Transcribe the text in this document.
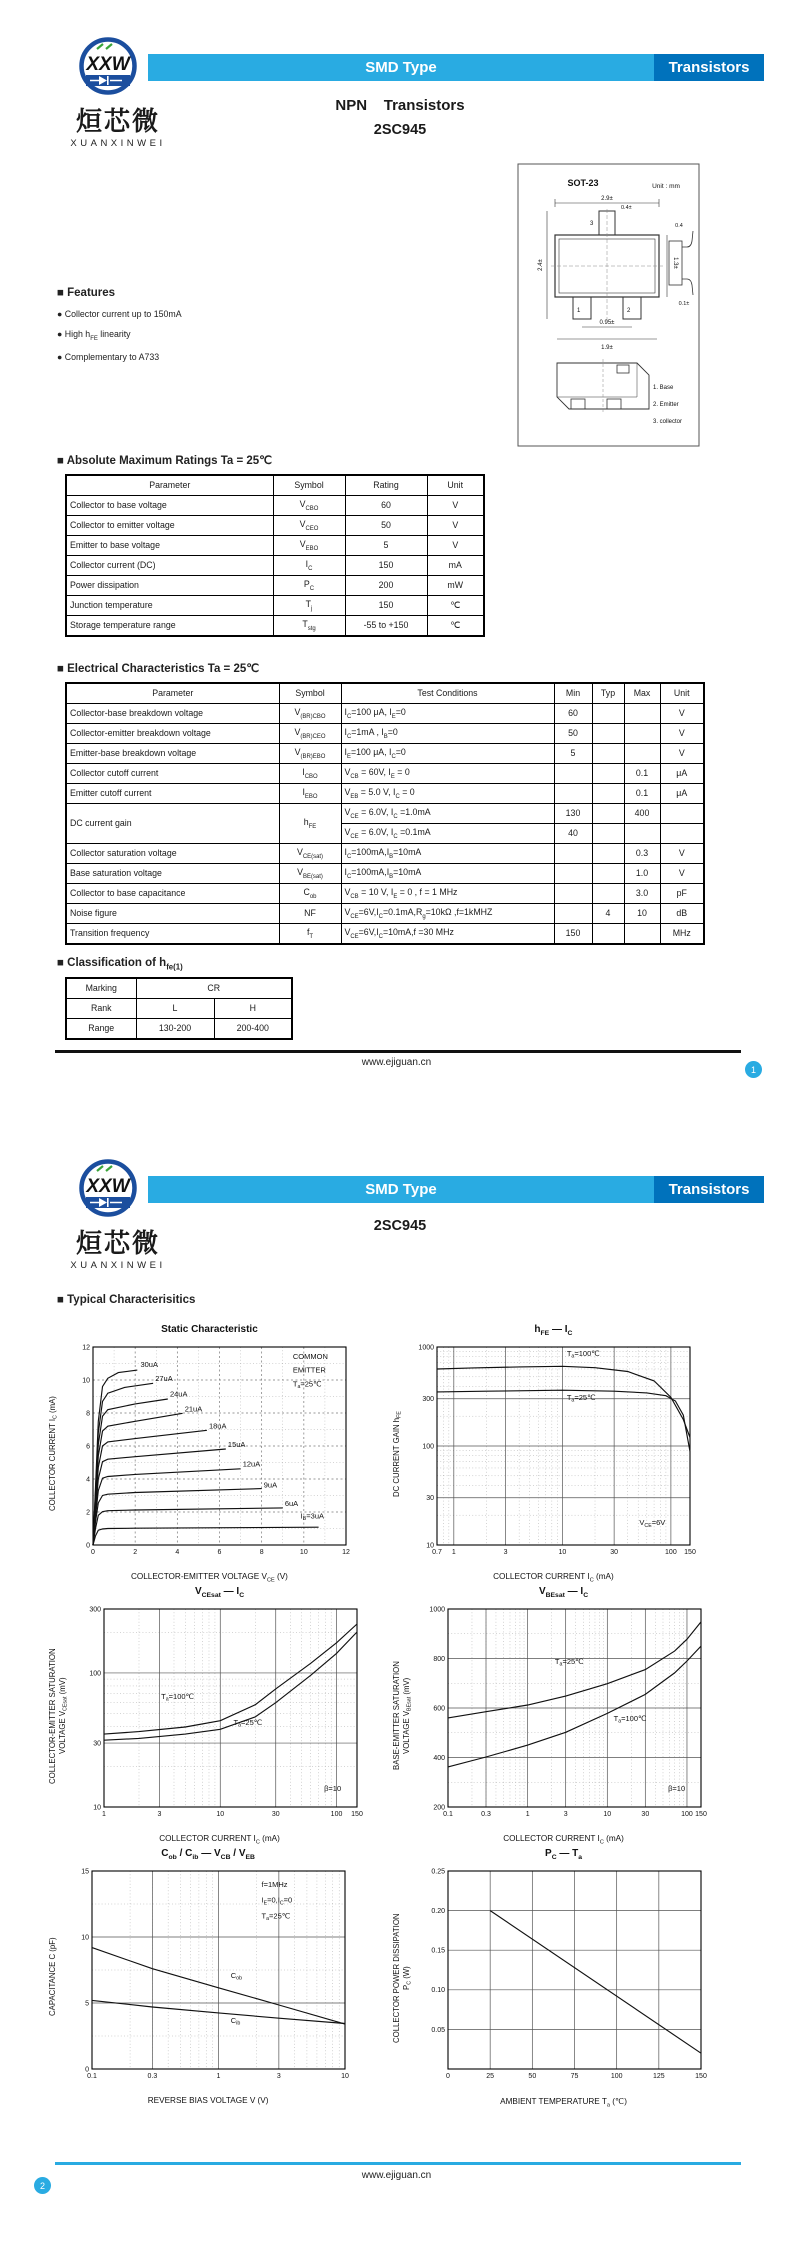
XXW
烜芯微
XUANXINWEI
SMD Type	Transistors
NPN    Transistors
2SC945
SOT-23	Unit : mm
2.9±
0.4±
3
1	2
1.3±
2.4±
0.95±
1.9±
0.4
0.1±
1. Base
2. Emitter
3. collector
■ Features
● Collector current up to 150mA
● High $h_{FE}$ linearity
● Complementary to A733
■ Absolute Maximum Ratings Ta = 25℃
Parameter	Symbol	Rating	Unit
Collector to base voltage	$V_{CBO}$	60	V
Collector to emitter voltage	$V_{CEO}$	50	V
Emitter to base voltage	$V_{EBO}$	5	V
Collector current (DC)	$I_C$	150	mA
Power dissipation	$P_C$	200	mW
Junction temperature	$T_j$	150	℃
Storage temperature range	$T_{stg}$	-55 to +150	℃
■ Electrical Characteristics Ta = 25℃
Parameter	Symbol	Test Conditions	Min	Typ	Max	Unit
Collector-base breakdown voltage	$V_{(BR)CBO}$	$I_C=100$ μA, $I_E=0$	60			V
Collector-emitter breakdown voltage	$V_{(BR)CEO}$	$I_C=1mA$ , $I_B=0$	50			V
Emitter-base breakdown voltage	$V_{(BR)EBO}$	$I_E=100$ μA, $I_C=0$	5			V
Collector cutoff current	$I_{CBO}$	$V_{CB} = 60V$, $I_E = 0$			0.1	μA
Emitter cutoff current	$I_{EBO}$	$V_{EB} = 5.0$ V, $I_C = 0$			0.1	μA
DC current gain	$h_{FE}$	$V_{CE} = 6.0V$, $I_C =1.0mA$	130		400	
		$V_{CE} = 6.0V$, $I_C =0.1mA$	40			
Collector saturation voltage	$V_{CE(sat)}$	$I_C=100mA,I_B=10mA$			0.3	V
Base saturation voltage	$V_{BE(sat)}$	$I_C=100mA,I_B=10mA$			1.0	V
Collector to base capacitance	$C_{ob}$	$V_{CB} = 10$ V, $I_E = 0$ , f = 1 MHz			3.0	pF
Noise figure	NF	$V_{CE}=6V,I_C=0.1mA,R_g=10k\Omega$ ,f=1kMHZ		4	10	dB
Transition frequency	$f_T$	$V_{CE}=6V,I_C=10mA,f =30$ MHz	150			MHz
■ Classification of $h_{fe(1)}$
Marking	CR	
Rank	L	H
Range	130-200	200-400
www.ejiguan.cn
1
XXW
烜芯微
XUANXINWEI
SMD Type	Transistors
2SC945
■ Typical Characterisitics
COLLECTOR CURRENT $I_C$ (mA)
Static Characteristic
30uA
27uA
24uA
21uA
18uA
15uA
12uA
9uA
6uA
$I_B=3uA$
COMMON
EMITTER
$T_a=25℃$
0	2	4	6	8	10	12
0
2
4
6
8
10
12
COLLECTOR-EMITTER VOLTAGE $V_{CE}$ (V)
DC CURRENT GAIN $h_{FE}$
$h_{FE}$ — $I_C$
$T_a=100℃$
$T_a=25℃$
$V_{CE}=6V$
0.7 1	3	10	30	100 150
10
30
100
300
1000
COLLECTOR CURRENT $I_C$ (mA)
COLLECTOR-EMITTER SATURATION
VOLTAGE $V_{CEsat}$ (mV)
$V_{CEsat}$ — $I_C$
$T_a=100℃$
$T_a=25℃$
β=10
1	3	10	30	100 150
10
30
100
300
COLLECTOR CURRENT $I_C$ (mA)
BASE-EMITTER SATURATION
VOLTAGE $V_{BEsat}$ (mV)
$V_{BEsat}$ — $I_C$
$T_a=25℃$
$T_a=100℃$
β=10
0.1	0.3	1	3	10	30	100 150
200
400
600
800
1000
COLLECTOR CURRENT $I_C$ (mA)
CAPACITANCE C (pF)
$C_{ob} / C_{ib}$ — $V_{CB} / V_{EB}$
$C_{ob}$
$C_{ib}$
f=1MHz
$I_E=0,I_C=0$
$T_a=25℃$
0.1	0.3	1	3	10
0
5
10
15
REVERSE BIAS VOLTAGE V (V)
COLLECTOR POWER DISSIPATION
$P_C$ (W)
$P_C$ — $T_a$
0	25	50	75	100	125	150
0.05
0.10
0.15
0.20
0.25
AMBIENT TEMPERATURE $T_a$ (℃)
www.ejiguan.cn
2
